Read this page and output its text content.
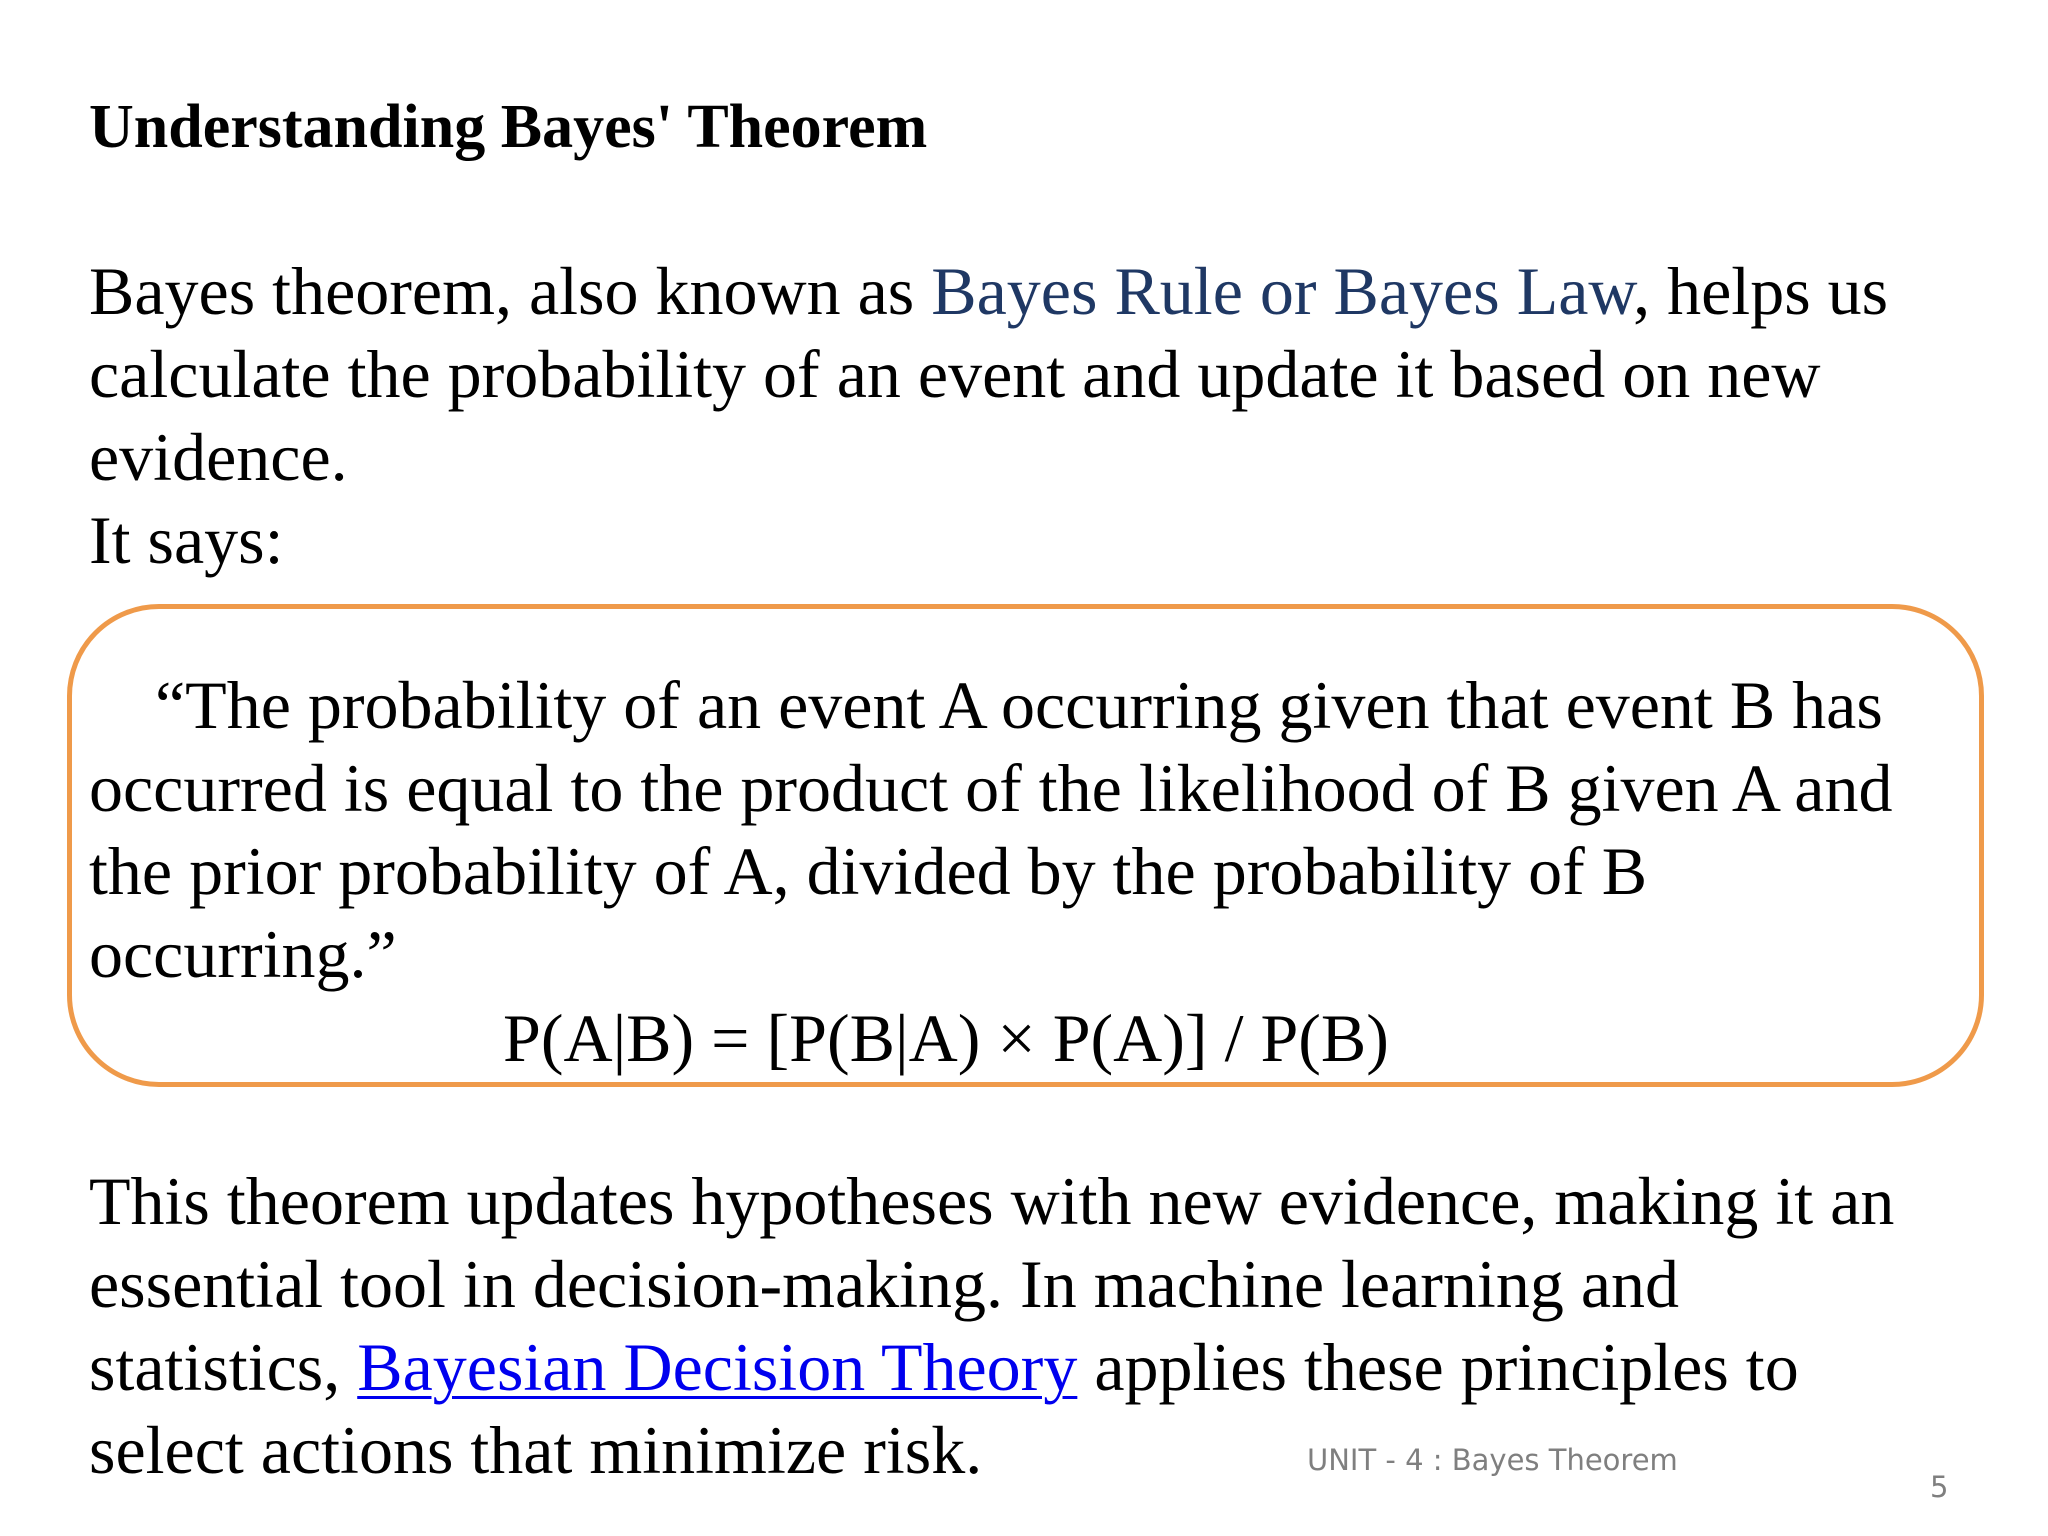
Understanding Bayes' Theorem
Bayes theorem, also known as Bayes Rule or Bayes Law, helps us
calculate the probability of an event and update it based on new
evidence.
It says:
“The probability of an event A occurring given that event B has
occurred is equal to the product of the likelihood of B given A and
the prior probability of A, divided by the probability of B
occurring.”
P(A|B) = [P(B|A) × P(A)] / P(B)
This theorem updates hypotheses with new evidence, making it an
essential tool in decision-making. In machine learning and
statistics, Bayesian Decision Theory applies these principles to
select actions that minimize risk.	UNIT - 4 : Bayes Theorem
5
